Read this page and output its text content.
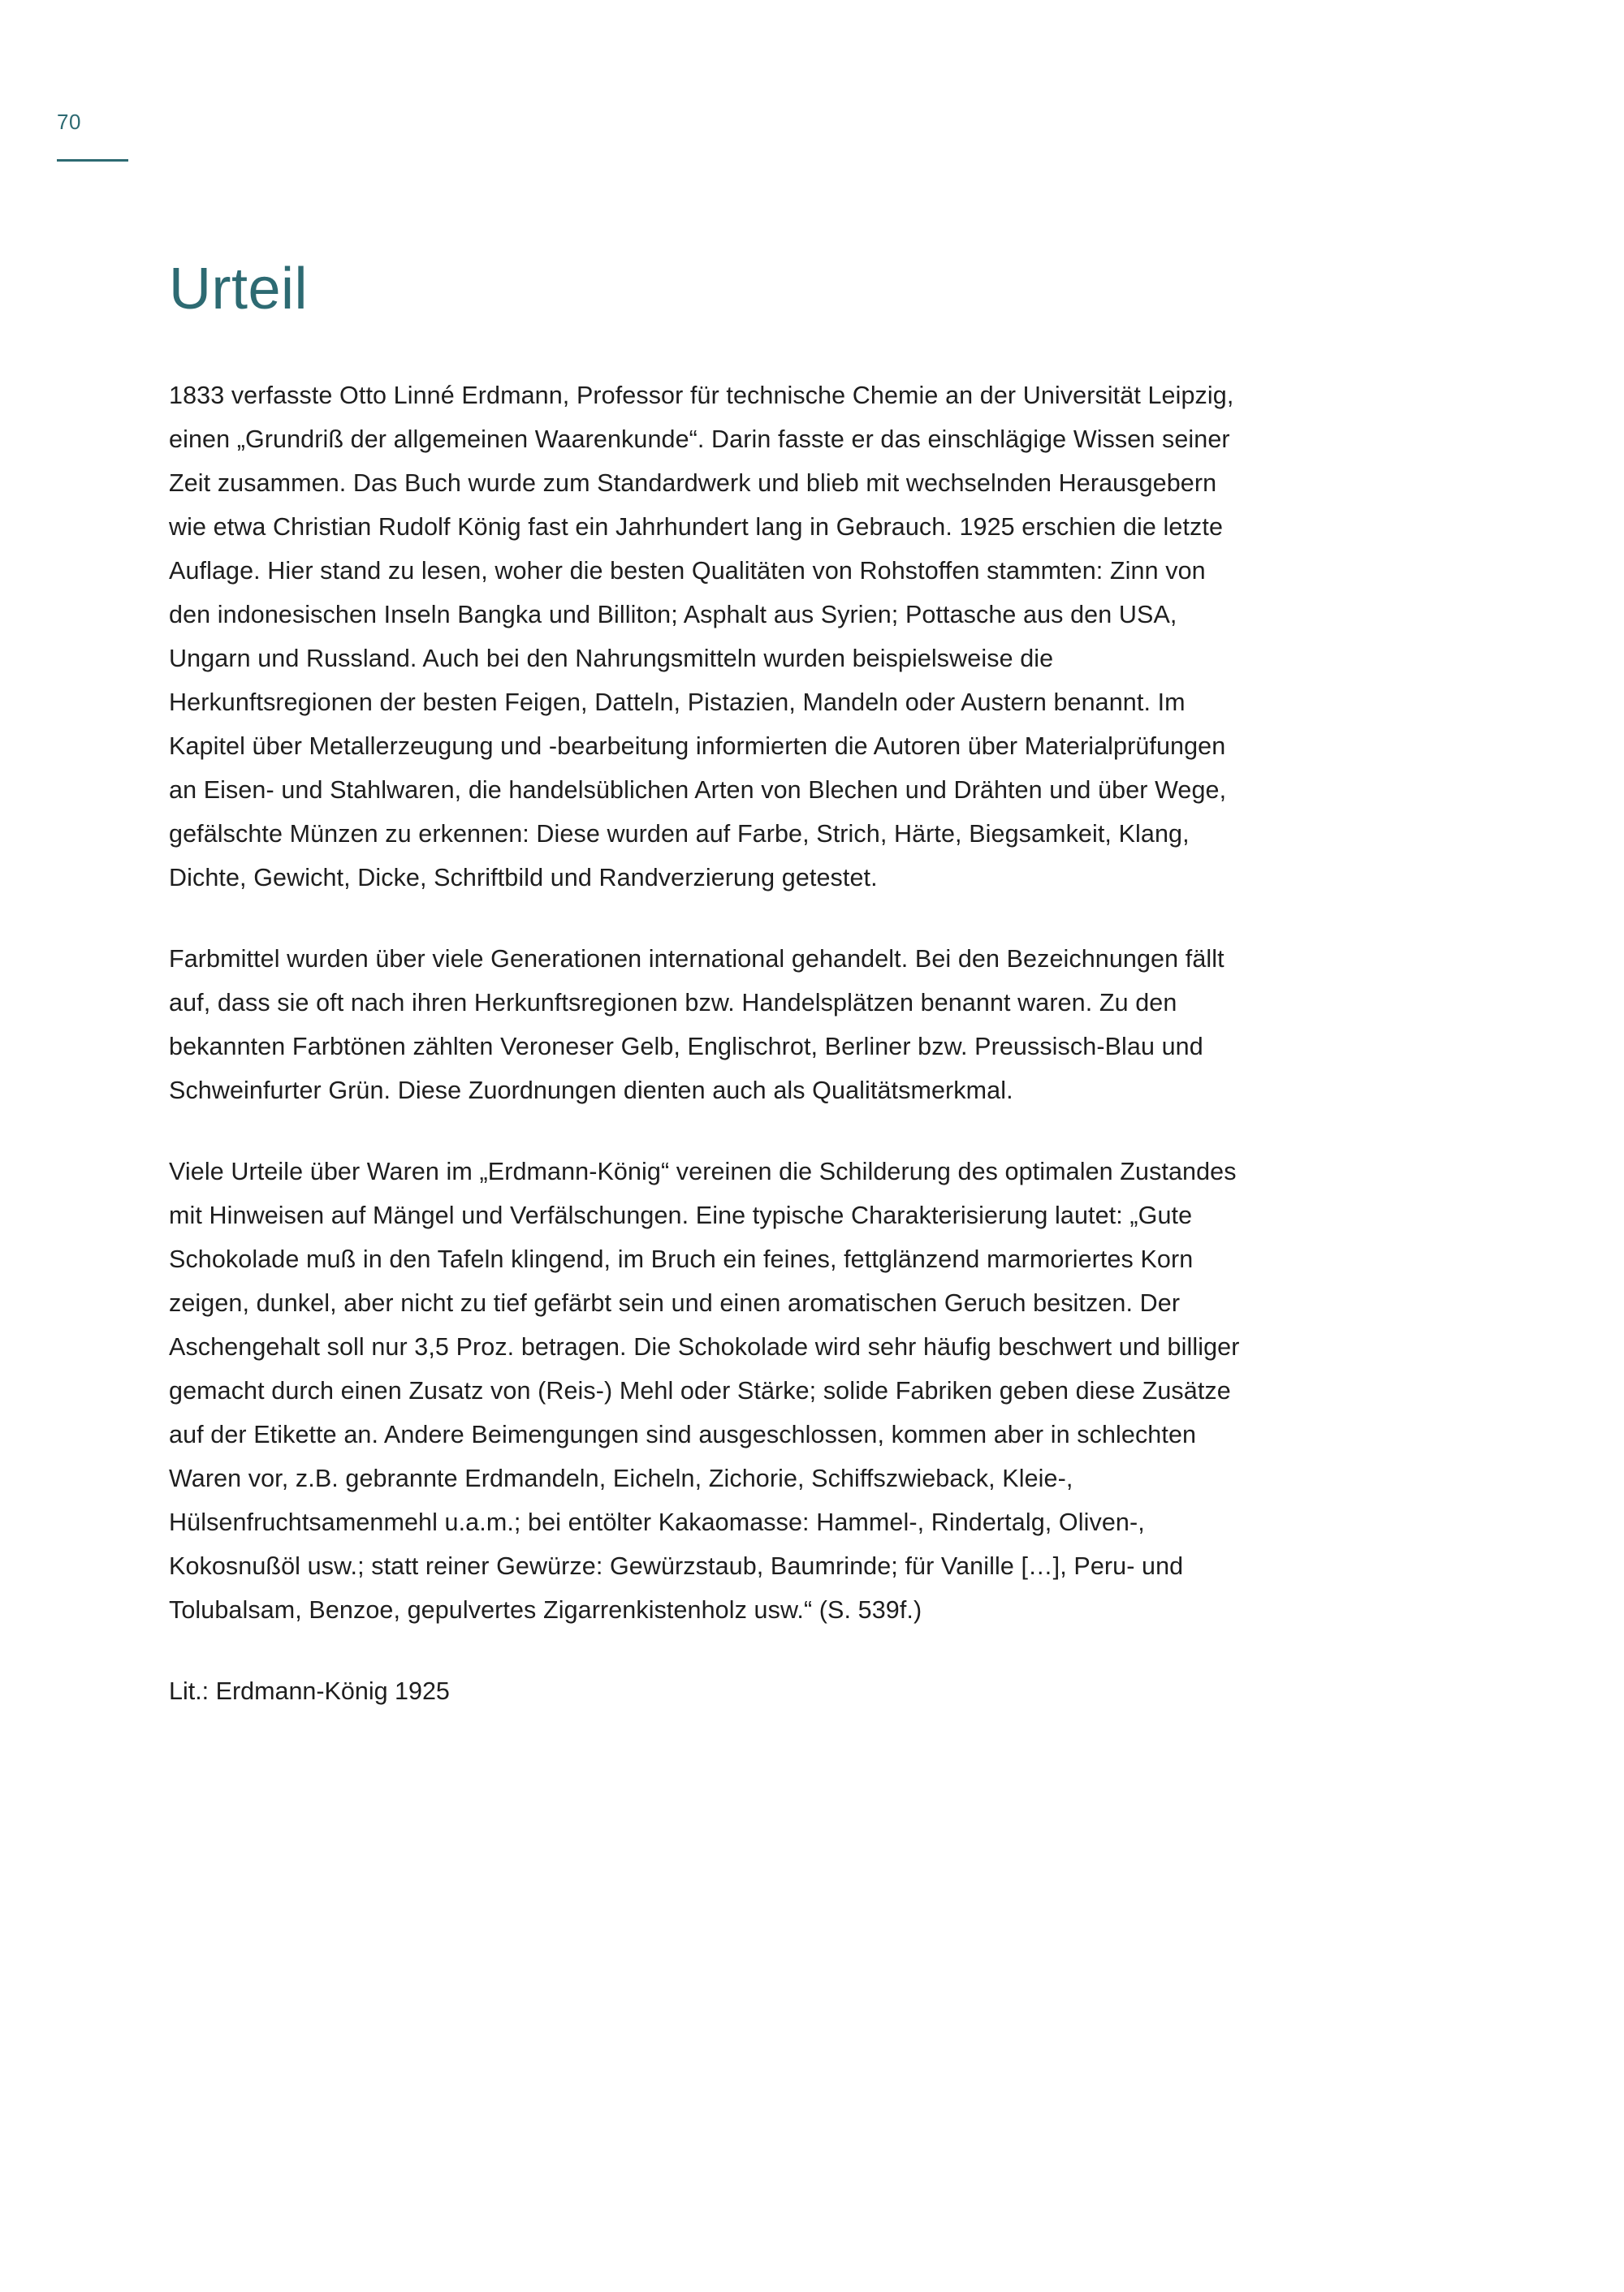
70
Urteil

1833 verfasste Otto Linné Erdmann, Professor für technische Chemie an der Universität Leipzig, einen „Grundriß der allgemeinen Waarenkunde“. Darin fasste er das einschlägige Wissen seiner Zeit zusammen. Das Buch wurde zum Standardwerk und blieb mit wechselnden Herausgebern wie etwa Christian Rudolf König fast ein Jahrhundert lang in Gebrauch. 1925 erschien die letzte Auflage. Hier stand zu lesen, woher die besten Qualitäten von Rohstoffen stammten: Zinn von den indonesischen Inseln Bangka und Billiton; Asphalt aus Syrien; Pottasche aus den USA, Ungarn und Russland. Auch bei den Nahrungsmitteln wurden beispielsweise die Herkunftsregionen der besten Feigen, Datteln, Pistazien, Mandeln oder Austern benannt. Im Kapitel über Metallerzeugung und -bearbeitung informierten die Autoren über Materialprüfungen an Eisen- und Stahlwaren, die handelsüblichen Arten von Blechen und Drähten und über Wege, gefälschte Münzen zu erkennen: Diese wurden auf Farbe, Strich, Härte, Biegsamkeit, Klang, Dichte, Gewicht, Dicke, Schriftbild und Randverzierung getestet.

Farbmittel wurden über viele Generationen international gehandelt. Bei den Bezeichnungen fällt auf, dass sie oft nach ihren Herkunftsregionen bzw. Handelsplätzen benannt waren. Zu den bekannten Farbtönen zählten Veroneser Gelb, Englischrot, Berliner bzw. Preussisch-Blau und Schweinfurter Grün. Diese Zuordnungen dienten auch als Qualitätsmerkmal.

Viele Urteile über Waren im „Erdmann-König“ vereinen die Schilderung des optimalen Zustandes mit Hinweisen auf Mängel und Verfälschungen. Eine typische Charakterisierung lautet: „Gute Schokolade muß in den Tafeln klingend, im Bruch ein feines, fettglänzend marmoriertes Korn zeigen, dunkel, aber nicht zu tief gefärbt sein und einen aromatischen Geruch besitzen. Der Aschengehalt soll nur 3,5 Proz. betragen. Die Schokolade wird sehr häufig beschwert und billiger gemacht durch einen Zusatz von (Reis-) Mehl oder Stärke; solide Fabriken geben diese Zusätze auf der Etikette an. Andere Beimengungen sind ausgeschlossen, kommen aber in schlechten Waren vor, z.B. gebrannte Erdmandeln, Eicheln, Zichorie, Schiffszwieback, Kleie-, Hülsenfruchtsamenmehl u.a.m.; bei entölter Kakaomasse: Hammel-, Rindertalg, Oliven-, Kokosnußöl usw.; statt reiner Gewürze: Gewürzstaub, Baumrinde; für Vanille […], Peru- und Tolubalsam, Benzoe, gepulvertes Zigarrenkistenholz usw.“ (S. 539f.)

Lit.: Erdmann-König 1925
